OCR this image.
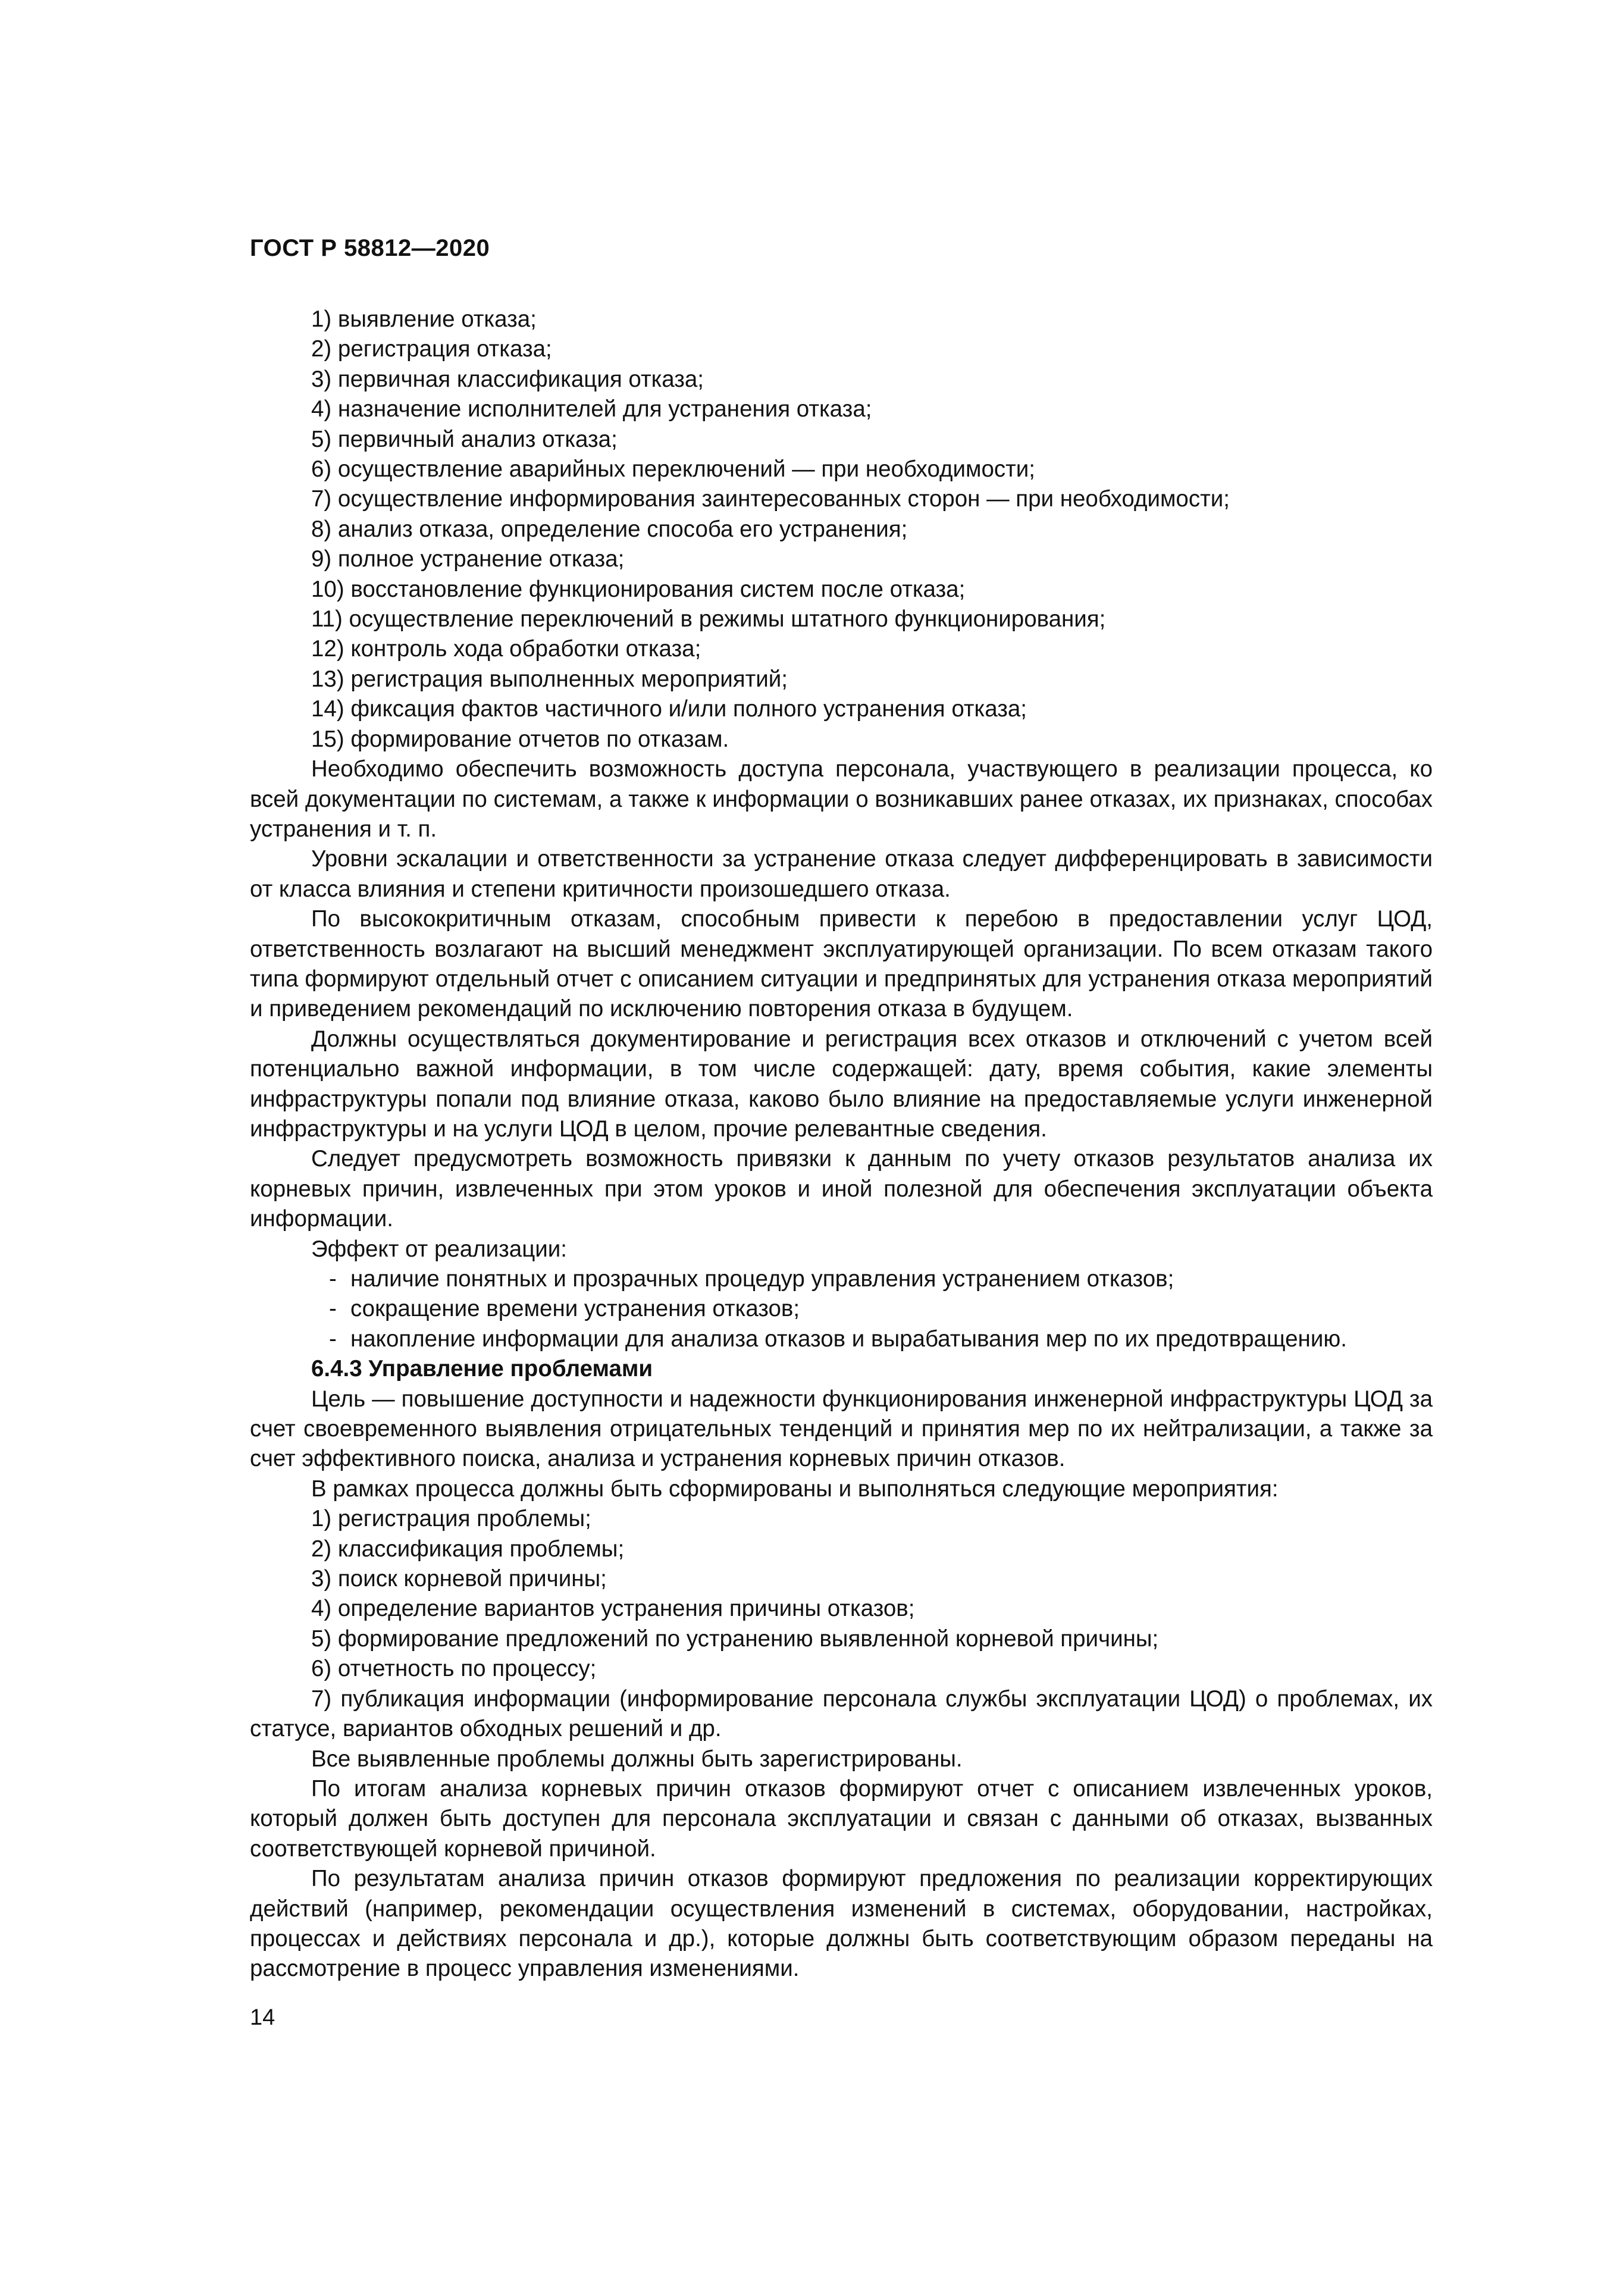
ГОСТ Р 58812—2020

1) выявление отказа;

2) регистрация отказа;

3) первичная классификация отказа;

4) назначение исполнителей для устранения отказа;

5) первичный анализ отказа;

6) осуществление аварийных переключений — при необходимости;

7) осуществление информирования заинтересованных сторон — при необходимости;

8) анализ отказа, определение способа его устранения;

9) полное устранение отказа;

10) восстановление функционирования систем после отказа;

11) осуществление переключений в режимы штатного функционирования;

12) контроль хода обработки отказа;

13) регистрация выполненных мероприятий;

14) фиксация фактов частичного и/или полного устранения отказа;

15) формирование отчетов по отказам.

Необходимо обеспечить возможность доступа персонала, участвующего в реализации процесса, ко всей документации по системам, а также к информации о возникавших ранее отказах, их признаках, способах устранения и т. п.

Уровни эскалации и ответственности за устранение отказа следует дифференцировать в зависимости от класса влияния и степени критичности произошедшего отказа.

По высококритичным отказам, способным привести к перебою в предоставлении услуг ЦОД, ответственность возлагают на высший менеджмент эксплуатирующей организации. По всем отказам такого типа формируют отдельный отчет с описанием ситуации и предпринятых для устранения отказа мероприятий и приведением рекомендаций по исключению повторения отказа в будущем.

Должны осуществляться документирование и регистрация всех отказов и отключений с учетом всей потенциально важной информации, в том числе содержащей: дату, время события, какие элементы инфраструктуры попали под влияние отказа, каково было влияние на предоставляемые услуги инженерной инфраструктуры и на услуги ЦОД в целом, прочие релевантные сведения.

Следует предусмотреть возможность привязки к данным по учету отказов результатов анализа их корневых причин, извлеченных при этом уроков и иной полезной для обеспечения эксплуатации объекта информации.

Эффект от реализации:

- наличие понятных и прозрачных процедур управления устранением отказов;

- сокращение времени устранения отказов;

- накопление информации для анализа отказов и вырабатывания мер по их предотвращению.

6.4.3 Управление проблемами

Цель — повышение доступности и надежности функционирования инженерной инфраструктуры ЦОД за счет своевременного выявления отрицательных тенденций и принятия мер по их нейтрализации, а также за счет эффективного поиска, анализа и устранения корневых причин отказов.

В рамках процесса должны быть сформированы и выполняться следующие мероприятия:

1) регистрация проблемы;

2) классификация проблемы;

3) поиск корневой причины;

4) определение вариантов устранения причины отказов;

5) формирование предложений по устранению выявленной корневой причины;

6) отчетность по процессу;

7) публикация информации (информирование персонала службы эксплуатации ЦОД) о проблемах, их статусе, вариантов обходных решений и др.

Все выявленные проблемы должны быть зарегистрированы.

По итогам анализа корневых причин отказов формируют отчет с описанием извлеченных уроков, который должен быть доступен для персонала эксплуатации и связан с данными об отказах, вызванных соответствующей корневой причиной.

По результатам анализа причин отказов формируют предложения по реализации корректирующих действий (например, рекомендации осуществления изменений в системах, оборудовании, настройках, процессах и действиях персонала и др.), которые должны быть соответствующим образом переданы на рассмотрение в процесс управления изменениями.

14
